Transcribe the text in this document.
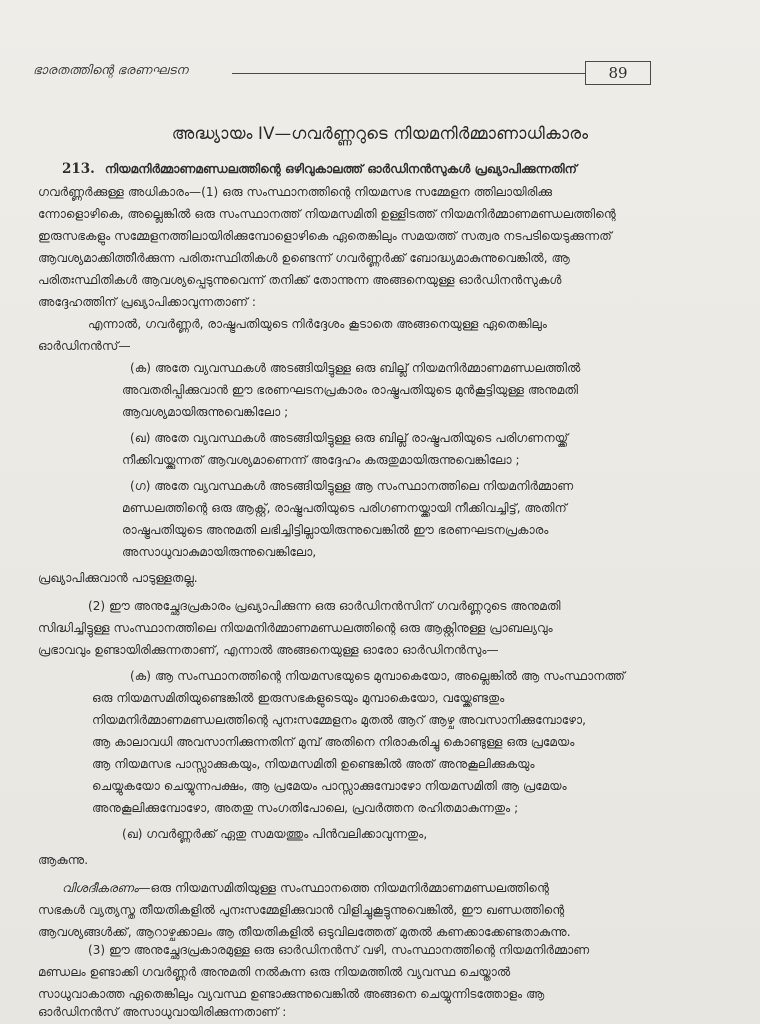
ഭാരതത്തിന്റെ ഭരണഘടന	89
അദ്ധ്യായം IV—ഗവർണ്ണറുടെ നിയമനിർമ്മാണാധികാരം
213. നിയമനിർമ്മാണമണ്ഡലത്തിന്റെ ഒഴിവുകാലത്ത് ഓർഡിനൻസുകൾ പ്രഖ്യാപിക്കുന്നതിന്
ഗവർണ്ണർക്കുള്ള അധികാരം—(1) ഒരു സംസ്ഥാനത്തിന്റെ നിയമസഭ സമ്മേളന ത്തിലായിരിക്കു
ന്നോളൊഴികെ, അല്ലെങ്കിൽ ഒരു സംസ്ഥാനത്ത് നിയമസമിതി ഉള്ളിടത്ത് നിയമനിർമ്മാണമണ്ഡലത്തിന്റെ
ഇരുസഭകളും സമ്മേളനത്തിലായിരിക്കുമ്പോളൊഴികെ ഏതെങ്കിലും സമയത്ത് സത്വര നടപടിയെടുക്കുന്നത്
ആവശ്യമാക്കിത്തീർക്കുന്ന പരിതഃസ്ഥിതികൾ ഉണ്ടെന്ന് ഗവർണ്ണർക്ക് ബോദ്ധ്യമാകുന്നുവെങ്കിൽ, ആ
പരിതഃസ്ഥിതികൾ ആവശ്യപ്പെടുന്നുവെന്ന് തനിക്ക് തോന്നുന്ന അങ്ങനെയുള്ള ഓർഡിനൻസുകൾ
അദ്ദേഹത്തിന് പ്രഖ്യാപിക്കാവുന്നതാണ് :
എന്നാൽ, ഗവർണ്ണർ, രാഷ്ട്രപതിയുടെ നിർദ്ദേശം കൂടാതെ അങ്ങനെയുള്ള ഏതെങ്കിലും
ഓർഡിനൻസ്—
(ക) അതേ വ്യവസ്ഥകൾ അടങ്ങിയിട്ടുള്ള ഒരു ബില്ല് നിയമനിർമ്മാണമണ്ഡലത്തിൽ
അവതരിപ്പിക്കുവാൻ ഈ ഭരണഘടനപ്രകാരം രാഷ്ട്രപതിയുടെ മുൻകൂട്ടിയുള്ള അനുമതി
ആവശ്യമായിരുന്നുവെങ്കിലോ ;
(ഖ) അതേ വ്യവസ്ഥകൾ അടങ്ങിയിട്ടുള്ള ഒരു ബില്ല് രാഷ്ട്രപതിയുടെ പരിഗണനയ്ക്ക്
നീക്കിവയ്ക്കുന്നത് ആവശ്യമാണെന്ന് അദ്ദേഹം കരുതുമായിരുന്നുവെങ്കിലോ ;
(ഗ) അതേ വ്യവസ്ഥകൾ അടങ്ങിയിട്ടുള്ള ആ സംസ്ഥാനത്തിലെ നിയമനിർമ്മാണ
മണ്ഡലത്തിന്റെ ഒരു ആക്റ്റ്, രാഷ്ട്രപതിയുടെ പരിഗണനയ്ക്കായി നീക്കിവച്ചിട്ട്, അതിന്
രാഷ്ട്രപതിയുടെ അനുമതി ലഭിച്ചിട്ടില്ലായിരുന്നുവെങ്കിൽ ഈ ഭരണഘടനപ്രകാരം
അസാധുവാകുമായിരുന്നുവെങ്കിലോ,
പ്രഖ്യാപിക്കുവാൻ പാടുള്ളതല്ല.
(2) ഈ അനുച്ഛേദപ്രകാരം പ്രഖ്യാപിക്കുന്ന ഒരു ഓർഡിനൻസിന് ഗവർണ്ണറുടെ അനുമതി
സിദ്ധിച്ചിട്ടുള്ള സംസ്ഥാനത്തിലെ നിയമനിർമ്മാണമണ്ഡലത്തിന്റെ ഒരു ആക്റ്റിനുള്ള പ്രാബല്യവും
പ്രഭാവവും ഉണ്ടായിരിക്കുന്നതാണ്, എന്നാൽ അങ്ങനെയുള്ള ഓരോ ഓർഡിനൻസും—
(ക) ആ സംസ്ഥാനത്തിന്റെ നിയമസഭയുടെ മുമ്പാകെയോ, അല്ലെങ്കിൽ ആ സംസ്ഥാനത്ത്
ഒരു നിയമസമിതിയുണ്ടെങ്കിൽ ഇരുസഭകളുടെയും മുമ്പാകെയോ, വയ്ക്കേണ്ടതും
നിയമനിർമ്മാണമണ്ഡലത്തിന്റെ പുനഃസമ്മേളനം മുതൽ ആറ് ആഴ്ച അവസാനിക്കുമ്പോഴോ,
ആ കാലാവധി അവസാനിക്കുന്നതിന് മുമ്പ് അതിനെ നിരാകരിച്ചു കൊണ്ടുള്ള ഒരു പ്രമേയം
ആ നിയമസഭ പാസ്സാക്കുകയും, നിയമസമിതി ഉണ്ടെങ്കിൽ അത് അനുകൂലിക്കുകയും
ചെയ്യുകയോ ചെയ്യുന്നപക്ഷം, ആ പ്രമേയം പാസ്സാക്കുമ്പോഴോ നിയമസമിതി ആ പ്രമേയം
അനുകൂലിക്കുമ്പോഴോ, അതതു സംഗതിപോലെ, പ്രവർത്തന രഹിതമാകുന്നതും ;
(ഖ) ഗവർണ്ണർക്ക് ഏതു സമയത്തും പിൻവലിക്കാവുന്നതും,
ആകുന്നു.
വിശദീകരണം—ഒരു നിയമസമിതിയുള്ള സംസ്ഥാനത്തെ നിയമനിർമ്മാണമണ്ഡലത്തിന്റെ
സഭകൾ വ്യത്യസ്ത തീയതികളിൽ പുനഃസമ്മേളിക്കുവാൻ വിളിച്ചുകൂട്ടുന്നുവെങ്കിൽ, ഈ ഖണ്ഡത്തിന്റെ
ആവശ്യങ്ങൾക്ക്, ആറാഴ്ചക്കാലം ആ തീയതികളിൽ ഒടുവിലത്തേത് മുതൽ കണക്കാക്കേണ്ടതാകുന്നു.
(3) ഈ അനുച്ഛേദപ്രകാരമുള്ള ഒരു ഓർഡിനൻസ് വഴി, സംസ്ഥാനത്തിന്റെ നിയമനിർമ്മാണ
മണ്ഡലം ഉണ്ടാക്കി ഗവർണ്ണർ അനുമതി നൽകുന്ന ഒരു നിയമത്തിൽ വ്യവസ്ഥ ചെയ്താൽ
സാധുവാകാത്ത ഏതെങ്കിലും വ്യവസ്ഥ ഉണ്ടാക്കുന്നുവെങ്കിൽ അങ്ങനെ ചെയ്യുന്നിടത്തോളം ആ
ഓർഡിനൻസ് അസാധുവായിരിക്കുന്നതാണ് :
